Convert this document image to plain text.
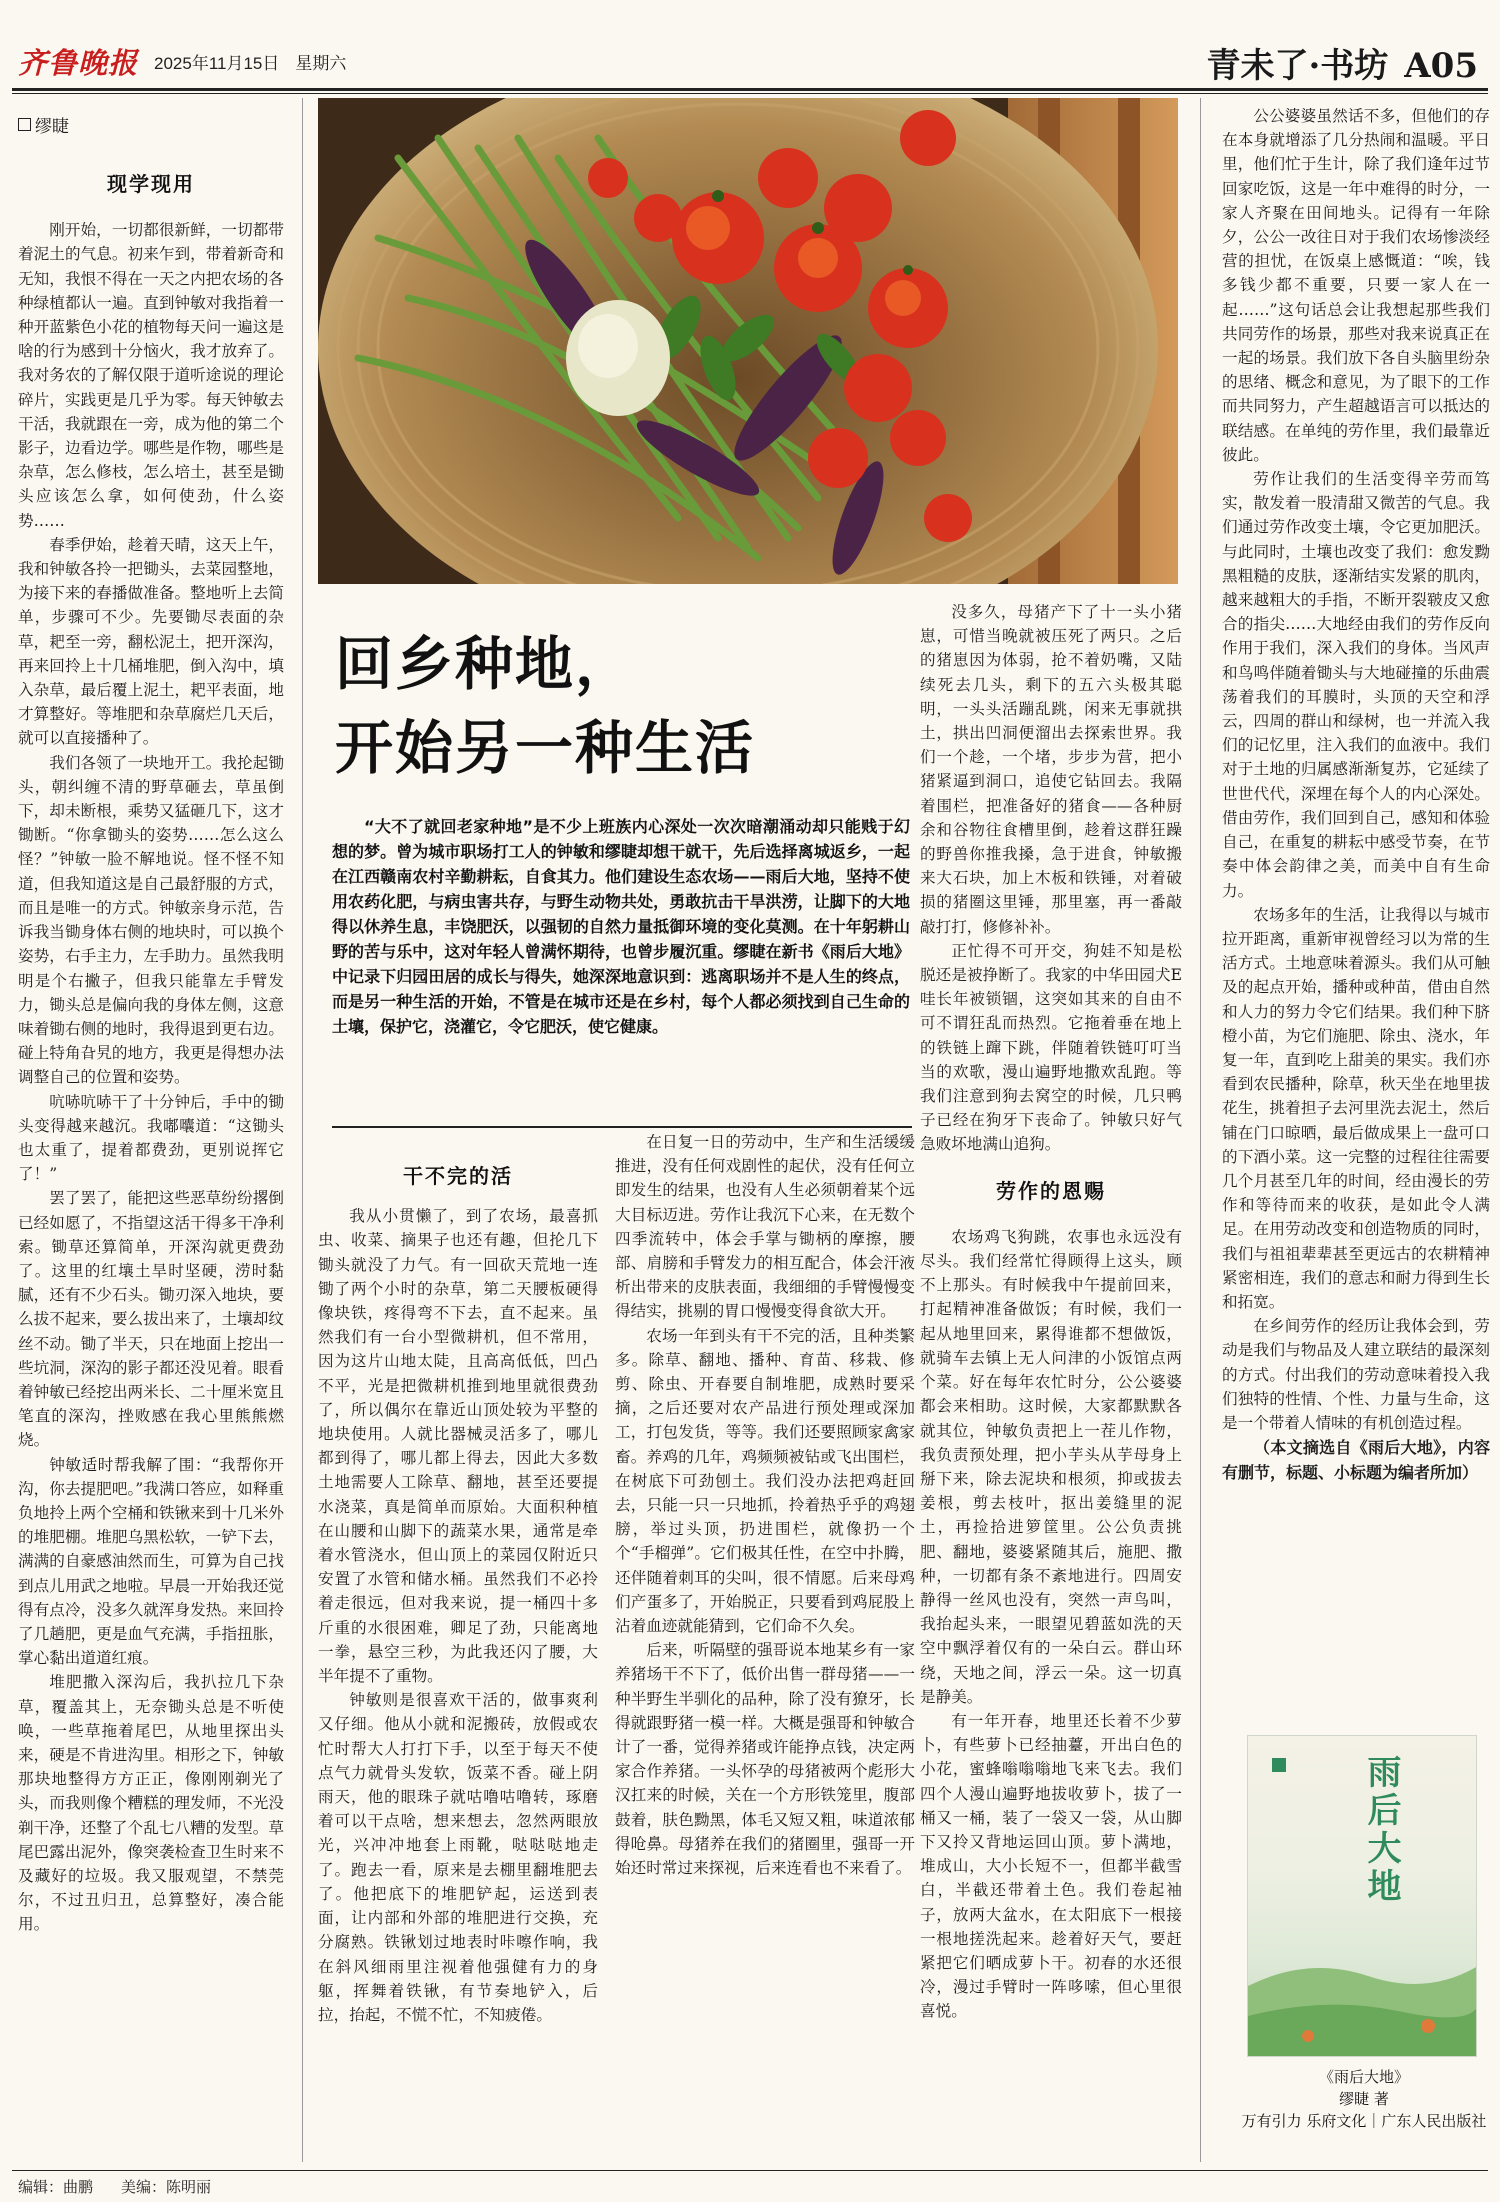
齐鲁晚报 2025年11月15日 星期六	青未了·书坊 A05
缪睫
现学现用

刚开始，一切都很新鲜，一切都带着泥土的气息。初来乍到，带着新奇和无知，我恨不得在一天之内把农场的各种绿植都认一遍。直到钟敏对我指着一种开蓝紫色小花的植物每天问一遍这是啥的行为感到十分恼火，我才放弃了。我对务农的了解仅限于道听途说的理论碎片，实践更是几乎为零。每天钟敏去干活，我就跟在一旁，成为他的第二个影子，边看边学。哪些是作物，哪些是杂草，怎么修枝，怎么培土，甚至是锄头应该怎么拿，如何使劲，什么姿势……

春季伊始，趁着天晴，这天上午，我和钟敏各拎一把锄头，去菜园整地，为接下来的春播做准备。整地听上去简单，步骤可不少。先要锄尽表面的杂草，耙至一旁，翻松泥土，把开深沟，再来回拎上十几桶堆肥，倒入沟中，填入杂草，最后覆上泥土，耙平表面，地才算整好。等堆肥和杂草腐烂几天后，就可以直接播种了。

我们各领了一块地开工。我抡起锄头，朝纠缠不清的野草砸去，草虽倒下，却未断根，乘势又猛砸几下，这才锄断。“你拿锄头的姿势……怎么这么怪？”钟敏一脸不解地说。怪不怪不知道，但我知道这是自己最舒服的方式，而且是唯一的方式。钟敏亲身示范，告诉我当锄身体右侧的地块时，可以换个姿势，右手主力，左手助力。虽然我明明是个右撇子，但我只能靠左手臂发力，锄头总是偏向我的身体左侧，这意味着锄右侧的地时，我得退到更右边。碰上特角旮旯的地方，我更是得想办法调整自己的位置和姿势。

吭哧吭哧干了十分钟后，手中的锄头变得越来越沉。我嘟囔道：“这锄头也太重了，提着都费劲，更别说挥它了！”

罢了罢了，能把这些恶草纷纷撂倒已经如愿了，不指望这活干得多干净利索。锄草还算简单，开深沟就更费劲了。这里的红壤土旱时坚硬，涝时黏腻，还有不少石头。锄刃深入地块，要么拔不起来，要么拔出来了，土壤却纹丝不动。锄了半天，只在地面上挖出一些坑洞，深沟的影子都还没见着。眼看着钟敏已经挖出两米长、二十厘米宽且笔直的深沟，挫败感在我心里熊熊燃烧。

钟敏适时帮我解了围：“我帮你开沟，你去提肥吧。”我满口答应，如释重负地拎上两个空桶和铁锹来到十几米外的堆肥棚。堆肥乌黑松软，一铲下去，满满的自豪感油然而生，可算为自己找到点儿用武之地啦。早晨一开始我还觉得有点冷，没多久就浑身发热。来回拎了几趟肥，更是血气充满，手指扭胀，掌心黏出道道红痕。

堆肥撒入深沟后，我扒拉几下杂草，覆盖其上，无奈锄头总是不听使唤，一些草拖着尾巴，从地里探出头来，硬是不肯进沟里。相形之下，钟敏那块地整得方方正正，像刚刚剃光了头，而我则像个糟糕的理发师，不光没剃干净，还整了个乱七八糟的发型。草尾巴露出泥外，像突袭检查卫生时来不及藏好的垃圾。我又服观望，不禁莞尔，不过丑归丑，总算整好，凑合能用。

回乡种地，
开始另一种生活

“大不了就回老家种地”是不少上班族内心深处一次次暗潮涌动却只能贱于幻想的梦。曾为城市职场打工人的钟敏和缪睫却想干就干，先后选择离城返乡，一起在江西赣南农村辛勤耕耘，自食其力。他们建设生态农场——雨后大地，坚持不使用农药化肥，与病虫害共存，与野生动物共处，勇敢抗击干旱洪涝，让脚下的大地得以休养生息，丰饶肥沃，以强韧的自然力量抵御环境的变化莫测。在十年躬耕山野的苦与乐中，这对年轻人曾满怀期待，也曾步履沉重。缪睫在新书《雨后大地》中记录下归园田居的成长与得失，她深深地意识到：逃离职场并不是人生的终点，而是另一种生活的开始，不管是在城市还是在乡村，每个人都必须找到自己生命的土壤，保护它，浇灌它，令它肥沃，使它健康。

干不完的活

我从小贯懒了，到了农场，最喜抓虫、收菜、摘果子也还有趣，但抡几下锄头就没了力气。有一回砍天荒地一连锄了两个小时的杂草，第二天腰板硬得像块铁，疼得弯不下去，直不起来。虽然我们有一台小型微耕机，但不常用，因为这片山地太陡，且高高低低，凹凸不平，光是把微耕机推到地里就很费劲了，所以偶尔在靠近山顶处较为平整的地块使用。人就比器械灵活多了，哪儿都到得了，哪儿都上得去，因此大多数土地需要人工除草、翻地，甚至还要提水浇菜，真是简单而原始。大面积种植在山腰和山脚下的蔬菜水果，通常是牵着水管浇水，但山顶上的菜园仅附近只安置了水管和储水桶。虽然我们不必拎着走很远，但对我来说，提一桶四十多斤重的水很困难，卿足了劲，只能离地一拳，悬空三秒，为此我还闪了腰，大半年提不了重物。

钟敏则是很喜欢干活的，做事爽利又仔细。他从小就和泥搬砖，放假或农忙时帮大人打打下手，以至于每天不使点气力就骨头发软，饭菜不香。碰上阴雨天，他的眼珠子就咕噜咕噜转，琢磨着可以干点啥，想来想去，忽然两眼放光，兴冲冲地套上雨靴，哒哒哒地走了。跑去一看，原来是去棚里翻堆肥去了。他把底下的堆肥铲起，运送到表面，让内部和外部的堆肥进行交换，充分腐熟。铁锹划过地表时咔嚓作响，我在斜风细雨里注视着他强健有力的身躯，挥舞着铁锹，有节奏地铲入，后拉，抬起，不慌不忙，不知疲倦。

在日复一日的劳动中，生产和生活缓缓推进，没有任何戏剧性的起伏，没有任何立即发生的结果，也没有人生必须朝着某个远大目标迈进。劳作让我沉下心来，在无数个四季流转中，体会手掌与锄柄的摩擦，腰部、肩膀和手臂发力的相互配合，体会汗液析出带来的皮肤表面，我细细的手臂慢慢变得结实，挑剔的胃口慢慢变得食欲大开。

农场一年到头有干不完的活，且种类繁多。除草、翻地、播种、育苗、移栽、修剪、除虫、开春要自制堆肥，成熟时要采摘，之后还要对农产品进行预处理或深加工，打包发货，等等。我们还要照顾家禽家畜。养鸡的几年，鸡频频被钻或飞出围栏，在树底下可劲刨土。我们没办法把鸡赶回去，只能一只一只地抓，拎着热乎乎的鸡翅膀，举过头顶，扔进围栏，就像扔一个个“手榴弹”。它们极其任性，在空中扑腾，还伴随着刺耳的尖叫，很不情愿。后来母鸡们产蛋多了，开始脱正，只要看到鸡屁股上沾着血迹就能猜到，它们命不久矣。

后来，听隔壁的强哥说本地某乡有一家养猪场干不下了，低价出售一群母猪——一种半野生半驯化的品种，除了没有獠牙，长得就跟野猪一模一样。大概是强哥和钟敏合计了一番，觉得养猪或许能挣点钱，决定两家合作养猪。一头怀孕的母猪被两个彪形大汉扛来的时候，关在一个方形铁笼里，腹部鼓着，肤色黝黑，体毛又短又粗，味道浓郁得呛鼻。母猪养在我们的猪圈里，强哥一开始还时常过来探视，后来连看也不来看了。

没多久，母猪产下了十一头小猪崽，可惜当晚就被压死了两只。之后的猪崽因为体弱，抢不着奶嘴，又陆续死去几头，剩下的五六头极其聪明，一头头活蹦乱跳，闲来无事就拱土，拱出凹洞便溜出去探索世界。我们一个趁，一个堵，步步为营，把小猪紧逼到洞口，追使它钻回去。我隔着围栏，把准备好的猪食——各种厨余和谷物往食槽里倒，趁着这群狂躁的野兽你推我搡，急于进食，钟敏搬来大石块，加上木板和铁锤，对着破损的猪圈这里锤，那里塞，再一番敲敲打打，修修补补。

正忙得不可开交，狗娃不知是松脱还是被挣断了。我家的中华田园犬E哇长年被锁锢，这突如其来的自由不可不谓狂乱而热烈。它拖着垂在地上的铁链上蹿下跳，伴随着铁链叮叮当当的欢歌，漫山遍野地撒欢乱跑。等我们注意到狗去窝空的时候，几只鸭子已经在狗牙下丧命了。钟敏只好气急败坏地满山追狗。

劳作的恩赐

农场鸡飞狗跳，农事也永远没有尽头。我们经常忙得顾得上这头，顾不上那头。有时候我中午提前回来，打起精神准备做饭；有时候，我们一起从地里回来，累得谁都不想做饭，就骑车去镇上无人问津的小饭馆点两个菜。好在每年农忙时分，公公婆婆都会来相助。这时候，大家都默默各就其位，钟敏负责把上一茬儿作物，我负责预处理，把小芋头从芋母身上掰下来，除去泥块和根须，抑或拔去姜根，剪去枝叶，抠出姜缝里的泥土，再捡拾进箩筐里。公公负责挑肥、翻地，婆婆紧随其后，施肥、撒种，一切都有条不紊地进行。四周安静得一丝风也没有，突然一声鸟叫，我抬起头来，一眼望见碧蓝如洗的天空中飘浮着仅有的一朵白云。群山环绕，天地之间，浮云一朵。这一切真是静美。

有一年开春，地里还长着不少萝卜，有些萝卜已经抽薹，开出白色的小花，蜜蜂嗡嗡嗡地飞来飞去。我们四个人漫山遍野地拔收萝卜，拔了一桶又一桶，装了一袋又一袋，从山脚下又拎又背地运回山顶。萝卜满地，堆成山，大小长短不一，但都半截雪白，半截还带着土色。我们卷起袖子，放两大盆水，在太阳底下一根接一根地搓洗起来。趁着好天气，要赶紧把它们晒成萝卜干。初春的水还很冷，漫过手臂时一阵哆嗦，但心里很喜悦。

公公婆婆虽然话不多，但他们的存在本身就增添了几分热闹和温暖。平日里，他们忙于生计，除了我们逢年过节回家吃饭，这是一年中难得的时分，一家人齐聚在田间地头。记得有一年除夕，公公一改往日对于我们农场惨淡经营的担忧，在饭桌上感慨道：“唉，钱多钱少都不重要，只要一家人在一起……”这句话总会让我想起那些我们共同劳作的场景，那些对我来说真正在一起的场景。我们放下各自头脑里纷杂的思绪、概念和意见，为了眼下的工作而共同努力，产生超越语言可以抵达的联结感。在单纯的劳作里，我们最靠近彼此。

劳作让我们的生活变得辛劳而笃实，散发着一股清甜又微苦的气息。我们通过劳作改变土壤，令它更加肥沃。与此同时，土壤也改变了我们：愈发黝黑粗糙的皮肤，逐渐结实发紧的肌肉，越来越粗大的手指，不断开裂皲皮又愈合的指尖……大地经由我们的劳作反向作用于我们，深入我们的身体。当风声和鸟鸣伴随着锄头与大地碰撞的乐曲震荡着我们的耳膜时，头顶的天空和浮云，四周的群山和绿树，也一并流入我们的记忆里，注入我们的血液中。我们对于土地的归属感渐渐复苏，它延续了世世代代，深埋在每个人的内心深处。借由劳作，我们回到自己，感知和体验自己，在重复的耕耘中感受节奏，在节奏中体会韵律之美，而美中自有生命力。

农场多年的生活，让我得以与城市拉开距离，重新审视曾经习以为常的生活方式。土地意味着源头。我们从可触及的起点开始，播种或种苗，借由自然和人力的努力令它们结果。我们种下脐橙小苗，为它们施肥、除虫、浇水，年复一年，直到吃上甜美的果实。我们亦看到农民播种，除草，秋天坐在地里拔花生，挑着担子去河里洗去泥土，然后铺在门口晾晒，最后做成果上一盘可口的下酒小菜。这一完整的过程往往需要几个月甚至几年的时间，经由漫长的劳作和等待而来的收获，是如此令人满足。在用劳动改变和创造物质的同时，我们与祖祖辈辈甚至更远古的农耕精神紧密相连，我们的意志和耐力得到生长和拓宽。

在乡间劳作的经历让我体会到，劳动是我们与物品及人建立联结的最深刻的方式。付出我们的劳动意味着投入我们独特的性情、个性、力量与生命，这是一个带着人情味的有机创造过程。

（本文摘选自《雨后大地》，内容有删节，标题、小标题为编者所加）

雨后大地
《雨后大地》
缪睫 著
万有引力 乐府文化｜广东人民出版社
编辑：曲鹏 美编：陈明丽
